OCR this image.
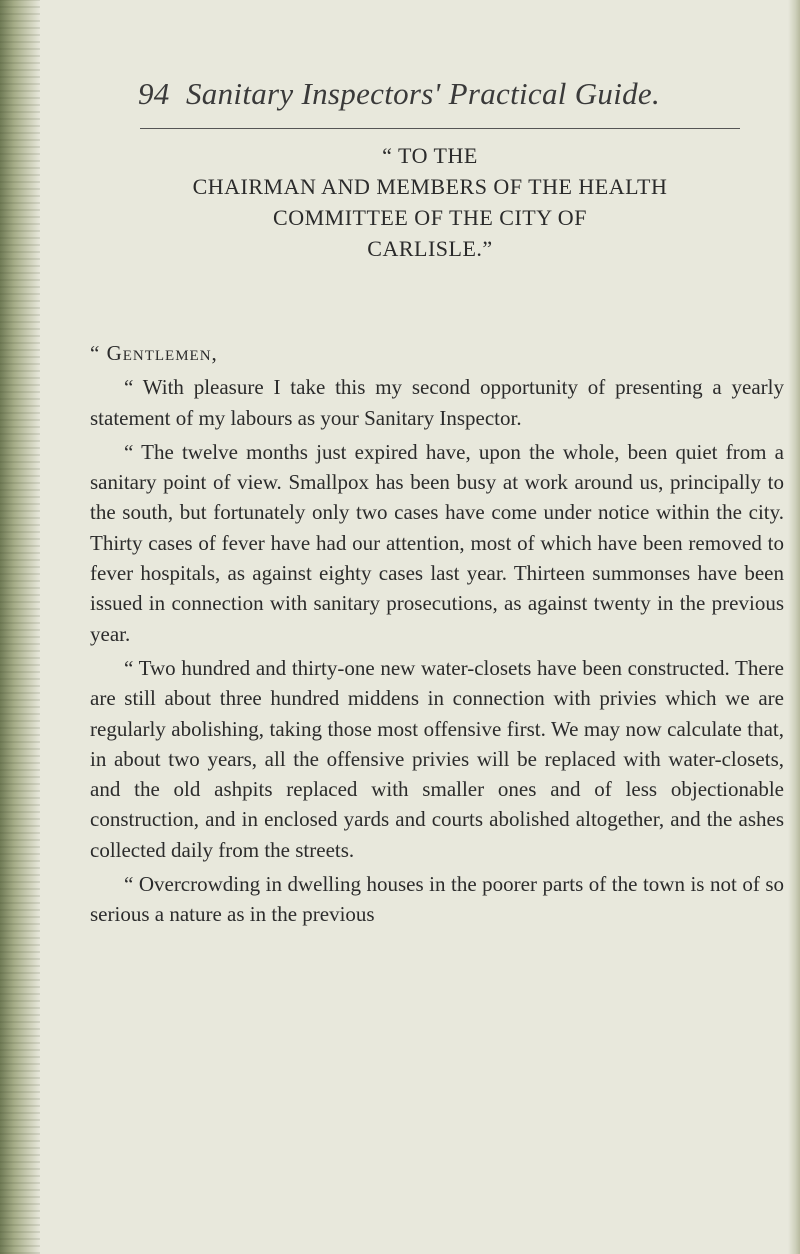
94 Sanitary Inspectors' Practical Guide.
“ TO THE
CHAIRMAN AND MEMBERS OF THE HEALTH
COMMITTEE OF THE CITY OF
CARLISLE.”

“ Gentlemen,

“ With pleasure I take this my second opportunity of presenting a yearly statement of my labours as your Sanitary Inspector.

“ The twelve months just expired have, upon the whole, been quiet from a sanitary point of view. Smallpox has been busy at work around us, principally to the south, but fortunately only two cases have come under notice within the city. Thirty cases of fever have had our attention, most of which have been removed to fever hospitals, as against eighty cases last year. Thirteen summonses have been issued in connection with sanitary prosecutions, as against twenty in the previous year.

“ Two hundred and thirty-one new water-closets have been constructed. There are still about three hundred middens in connection with privies which we are regularly abolishing, taking those most offensive first. We may now calculate that, in about two years, all the offensive privies will be replaced with water-closets, and the old ashpits replaced with smaller ones and of less objectionable construction, and in enclosed yards and courts abolished altogether, and the ashes collected daily from the streets.

“ Overcrowding in dwelling houses in the poorer parts of the town is not of so serious a nature as in the previous
